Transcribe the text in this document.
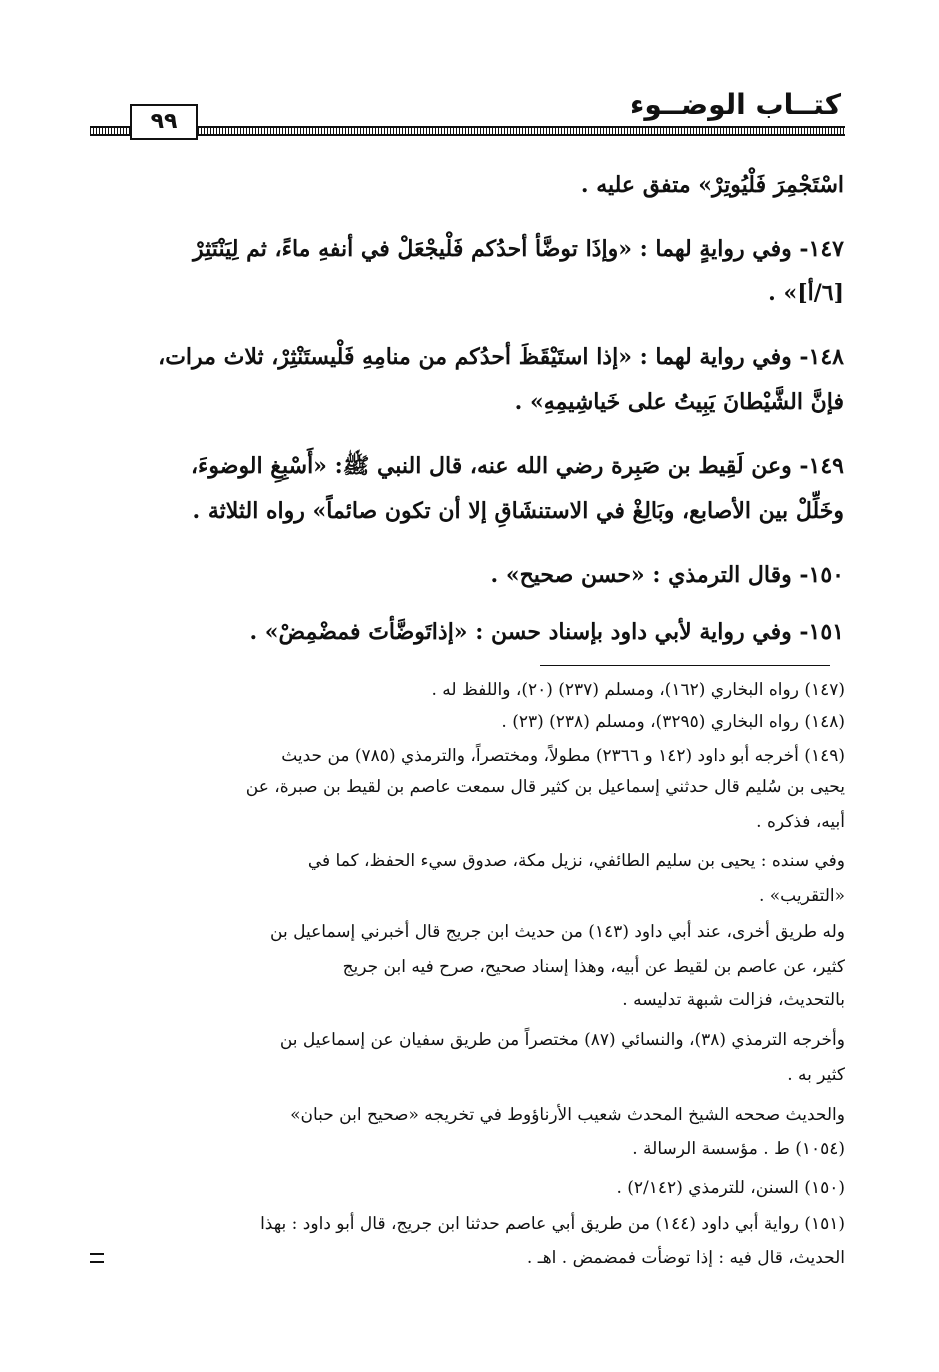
٩٩
كتــاب الوضــوء
اسْتَجْمِرَ فَلْيُوتِرْ» متفق عليه .
١٤٧- وفي روايةٍ لهما : «وإذَا توضَّأ أحدُكم فَلْيجْعَلْ في أنفهِ ماءً، ثم لِيَنْتَثِرْ
[٦/أ]» .
١٤٨- وفي رواية لهما : «إذا استَيْقَظَ أحدُكم من منامِهِ فَلْيستَنْثِرْ، ثلاث مرات،
فإنَّ الشَّيْطانَ يَبِيتُ على خَياشِيمِهِ» .
١٤٩- وعن لَقِيط بن صَبِرة رضي الله عنه، قال النبي ﷺ: «أَسْبِغِ الوضوءَ،
وخَلِّلْ بين الأصابع، وبَالِغْ في الاستنشَاقِ إلا أن تكون صائماً» رواه الثلاثة .
١٥٠- وقال الترمذي : «حسن صحيح» .
١٥١- وفي رواية لأبي داود بإسناد حسن : «إذاتَوضَّأتَ فمضْمِضْ» .
(١٤٧) رواه البخاري (١٦٢)، ومسلم (٢٣٧) (٢٠)، واللفظ له .
(١٤٨) رواه البخاري (٣٢٩٥)، ومسلم (٢٣٨) (٢٣) .
(١٤٩) أخرجه أبو داود (١٤٢ و ٢٣٦٦) مطولاً، ومختصراً، والترمذي (٧٨٥) من حديث
يحيى بن سُليم قال حدثني إسماعيل بن كثير قال سمعت عاصم بن لقيط بن صبرة، عن
أبيه، فذكره .
وفي سنده : يحيى بن سليم الطائفي، نزيل مكة، صدوق سيء الحفظ، كما في
«التقريب» .
وله طريق أخرى، عند أبي داود (١٤٣) من حديث ابن جريج قال أخبرني إسماعيل بن
كثير، عن عاصم بن لقيط عن أبيه، وهذا إسناد صحيح، صرح فيه ابن جريج
بالتحديث، فزالت شبهة تدليسه .
وأخرجه الترمذي (٣٨)، والنسائي (٨٧) مختصراً من طريق سفيان عن إسماعيل بن
كثير به .
والحديث صححه الشيخ المحدث شعيب الأرناؤوط في تخريجه «صحيح ابن حبان»
(١٠٥٤) ط . مؤسسة الرسالة .
(١٥٠) السنن، للترمذي (٢/١٤٢) .
(١٥١) رواية أبي داود (١٤٤) من طريق أبي عاصم حدثنا ابن جريج، قال أبو داود : بهذا
الحديث، قال فيه : إذا توضأت فمضمض . اهـ .
